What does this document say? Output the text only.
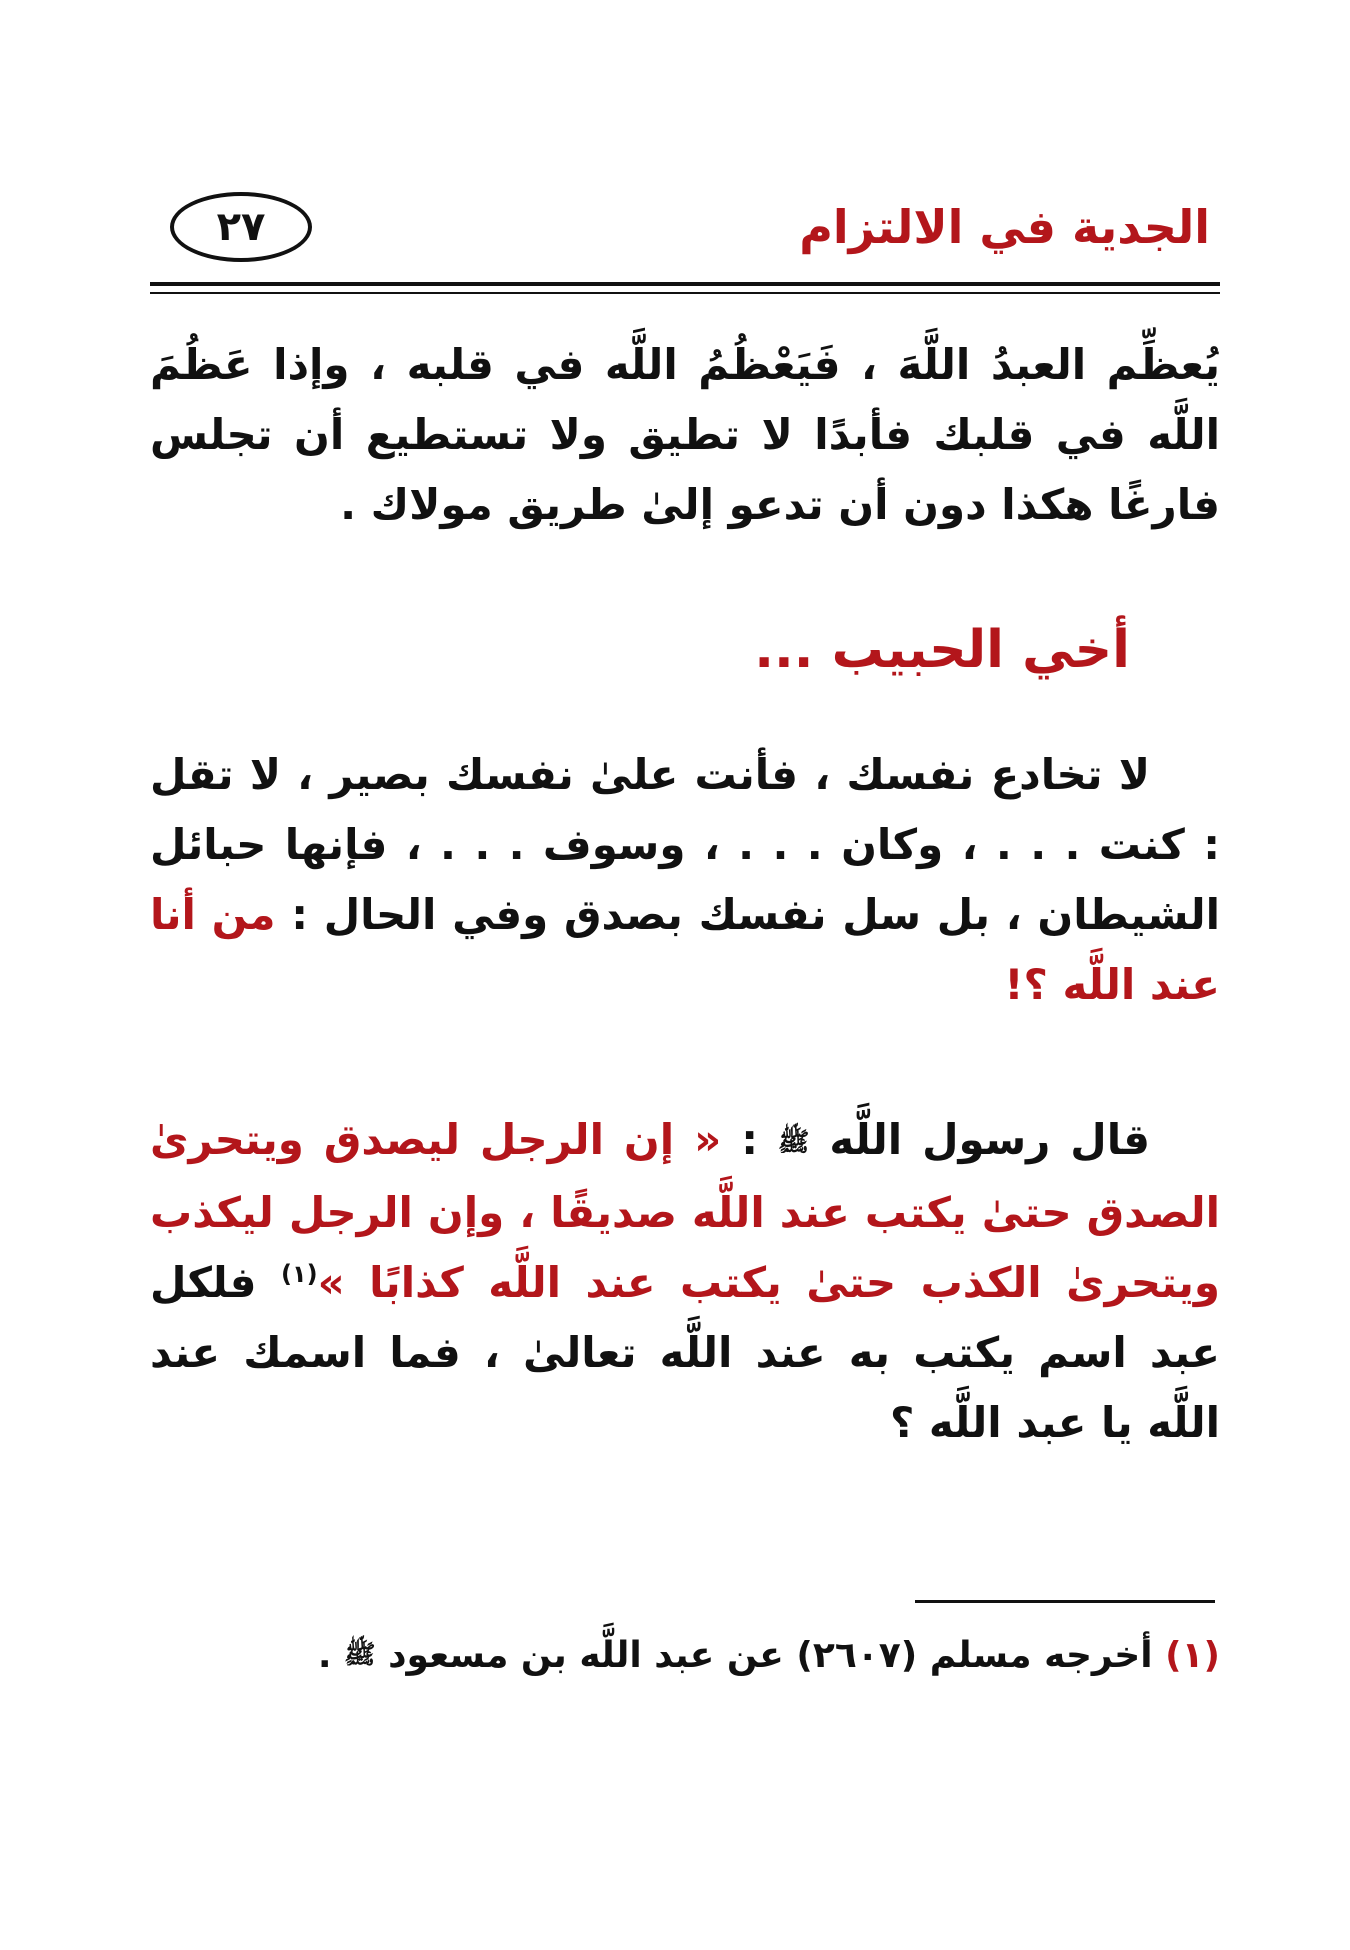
الجدية في الالتزام
٢٧
يُعظِّم العبدُ اللَّهَ ، فَيَعْظُمُ اللَّه في قلبه ، وإذا عَظُمَ اللَّه في قلبك فأبدًا لا تطيق ولا تستطيع أن تجلس فارغًا هكذا دون أن تدعو إلىٰ طريق مولاك .
أخي الحبيب ...
لا تخادع نفسك ، فأنت علىٰ نفسك بصير ، لا تقل : كنت . . . ، وكان . . . ، وسوف . . . ، فإنها حبائل الشيطان ، بل سل نفسك بصدق وفي الحال : من أنا عند اللَّه ؟!
قال رسول اللَّه ﷺ : « إن الرجل ليصدق ويتحرىٰ الصدق حتىٰ يكتب عند اللَّه صديقًا ، وإن الرجل ليكذب ويتحرىٰ الكذب حتىٰ يكتب عند اللَّه كذابًا »$^{(١)}$ فلكل عبد اسم يكتب به عند اللَّه تعالىٰ ، فما اسمك عند اللَّه يا عبد اللَّه ؟
(١) أخرجه مسلم (٢٦٠٧) عن عبد اللَّه بن مسعود ﷺ .
